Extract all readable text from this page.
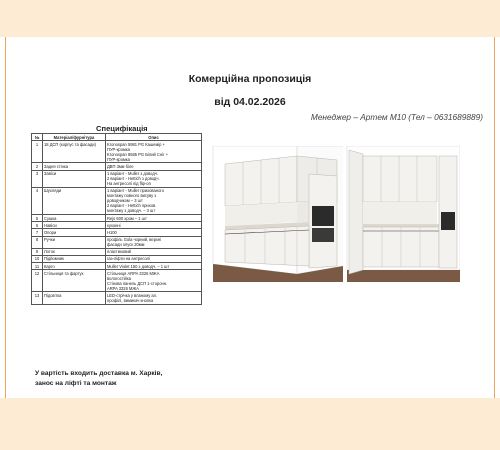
Комерційна пропозиція
від 04.02.2026
Менеджер – Артем М10 (Тел – 0631689889)
Специфікація
№	Матеріал/фурнітура	Опис
1	18 ДСП (корпус та фасади)	Kronospan 5981 PG Кашемір +
ПУР-кромка
Kronospan 8685 PG Білий Сніг +
ПУР-кромка

2	Задня стінка	ДВП 3мм біле

3	Завіси	1 варіант - Muller з доводч.
2 варіант - Hettich з доводч.
На антресолі під flip-on

4	Шухляди	1 варіант - Muller прихованого
монтажу повного висуву з
доводчиком – 3 шт
2 варіант - Hettich прихов.
монтажу з доводч. – 3 шт

5	Сушка	Rejs 600 хром – 1 шт

6	Навіси	кухонні

7	Опори	Н100

8	Ручки	профіль Gola чорний, верхні
фасади опуск 20мм

9	Лоток	пластиковий

10	Підйомник	газ-ліфти на антресолі

11	Карго	Muller Violet 150 з доводч. – 1 шт

12	Стільниця та фартух	Стільниця ARPA 3326 МЖА
вологостійка
Стінова панель ДСП 1-сторонн.
ARPA 3326 МЖА

13	Підсвітка	LED-стрічка у вланому ал.
профілі, вимикач кнопка
У вартість входить доставка м. Харків,
занос на ліфті та монтаж
